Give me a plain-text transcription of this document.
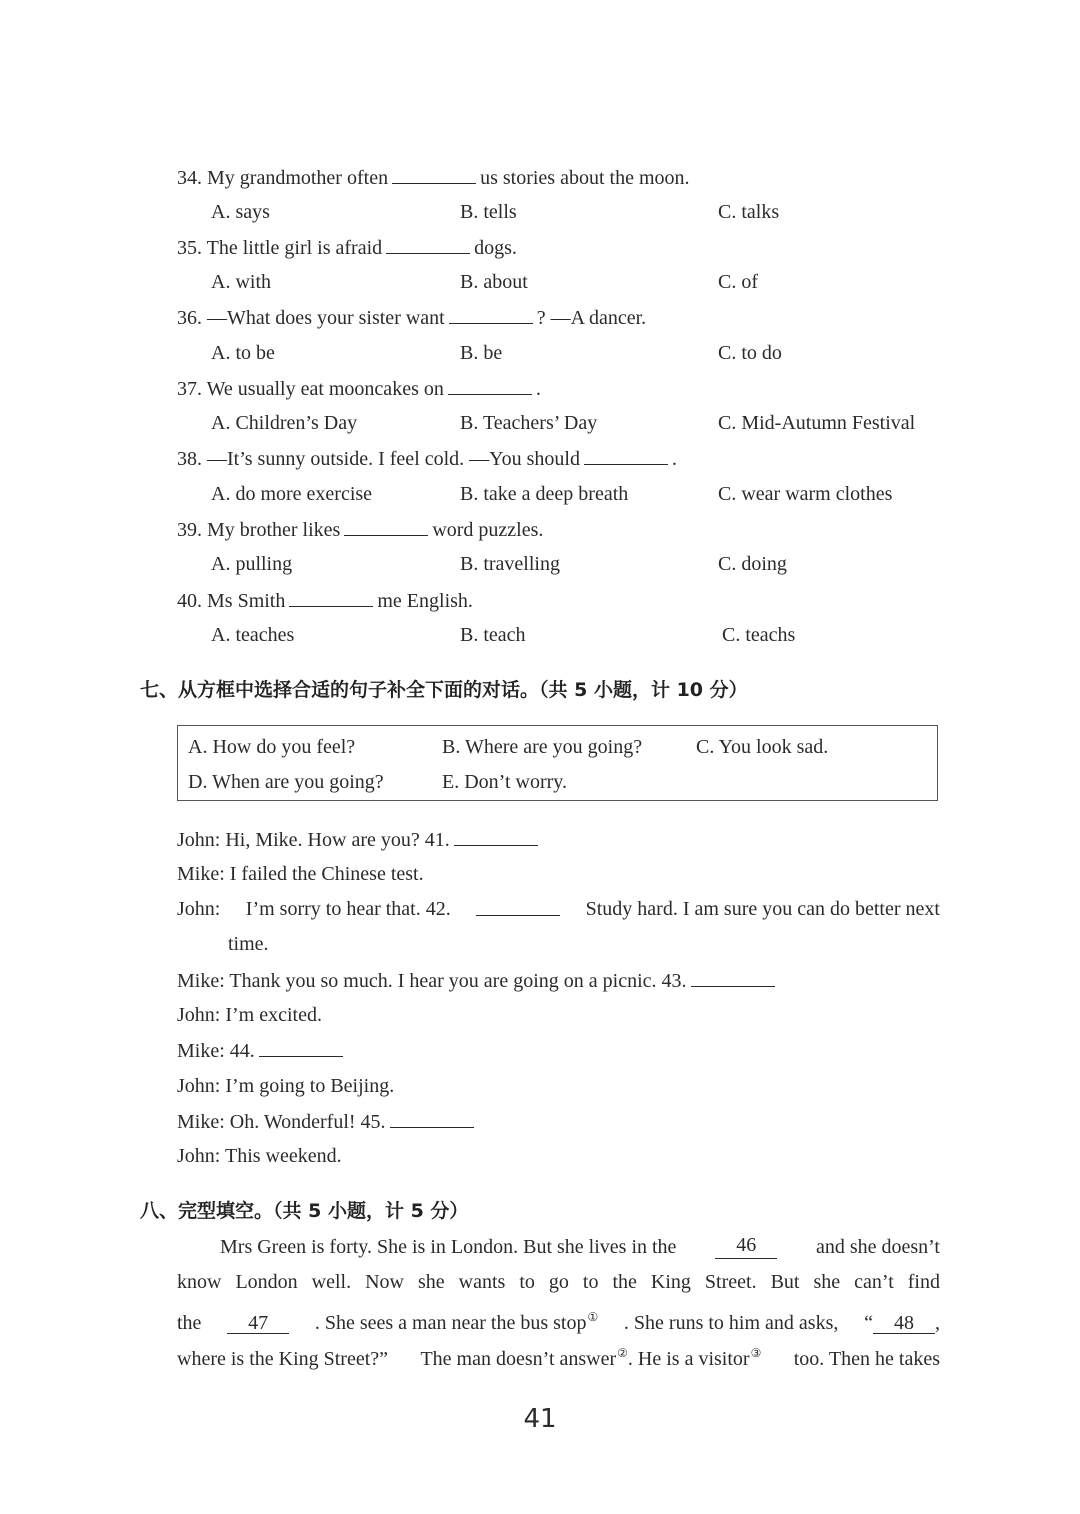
34. My grandmother often	us stories about the moon.
A. says	B. tells	C. talks
35. The little girl is afraid	dogs.
A. with	B. about	C. of
36. —What does your sister want	? —A dancer.
A. to be	B. be	C. to do
37. We usually eat mooncakes on	.
A. Children’s Day	B. Teachers’ Day	C. Mid-Autumn Festival
38. —It’s sunny outside. I feel cold. —You should	.
A. do more exercise	B. take a deep breath	C. wear warm clothes
39. My brother likes	word puzzles.
A. pulling	B. travelling	C. doing
40. Ms Smith	me English.
A. teaches	B. teach	C. teachs
七、从方框中选择合适的句子补全下面的对话。（共 5 小题，计 10 分）
A. How do you feel?	B. Where are you going?	C. You look sad.
D. When are you going?	E. Don’t worry.
John: Hi, Mike. How are you? 41.
Mike: I failed the Chinese test.
John: I’m sorry to hear that. 42.	Study hard. I am sure you can do better next
time.
Mike: Thank you so much. I hear you are going on a picnic. 43.
John: I’m excited.
Mike: 44.
John: I’m going to Beijing.
Mike: Oh. Wonderful! 45.
John: This weekend.
八、完型填空。（共 5 小题，计 5 分）
Mrs Green is forty. She is in London. But she lives in the	46	and she doesn’t
know London well. Now she wants to go to the King Street. But she can’t find
the	47	. She sees a man near the bus stop① . She runs to him and asks, “ 48 ,
where is the King Street?” The man doesn’t answer②. He is a visitor③ too. Then he takes
41
